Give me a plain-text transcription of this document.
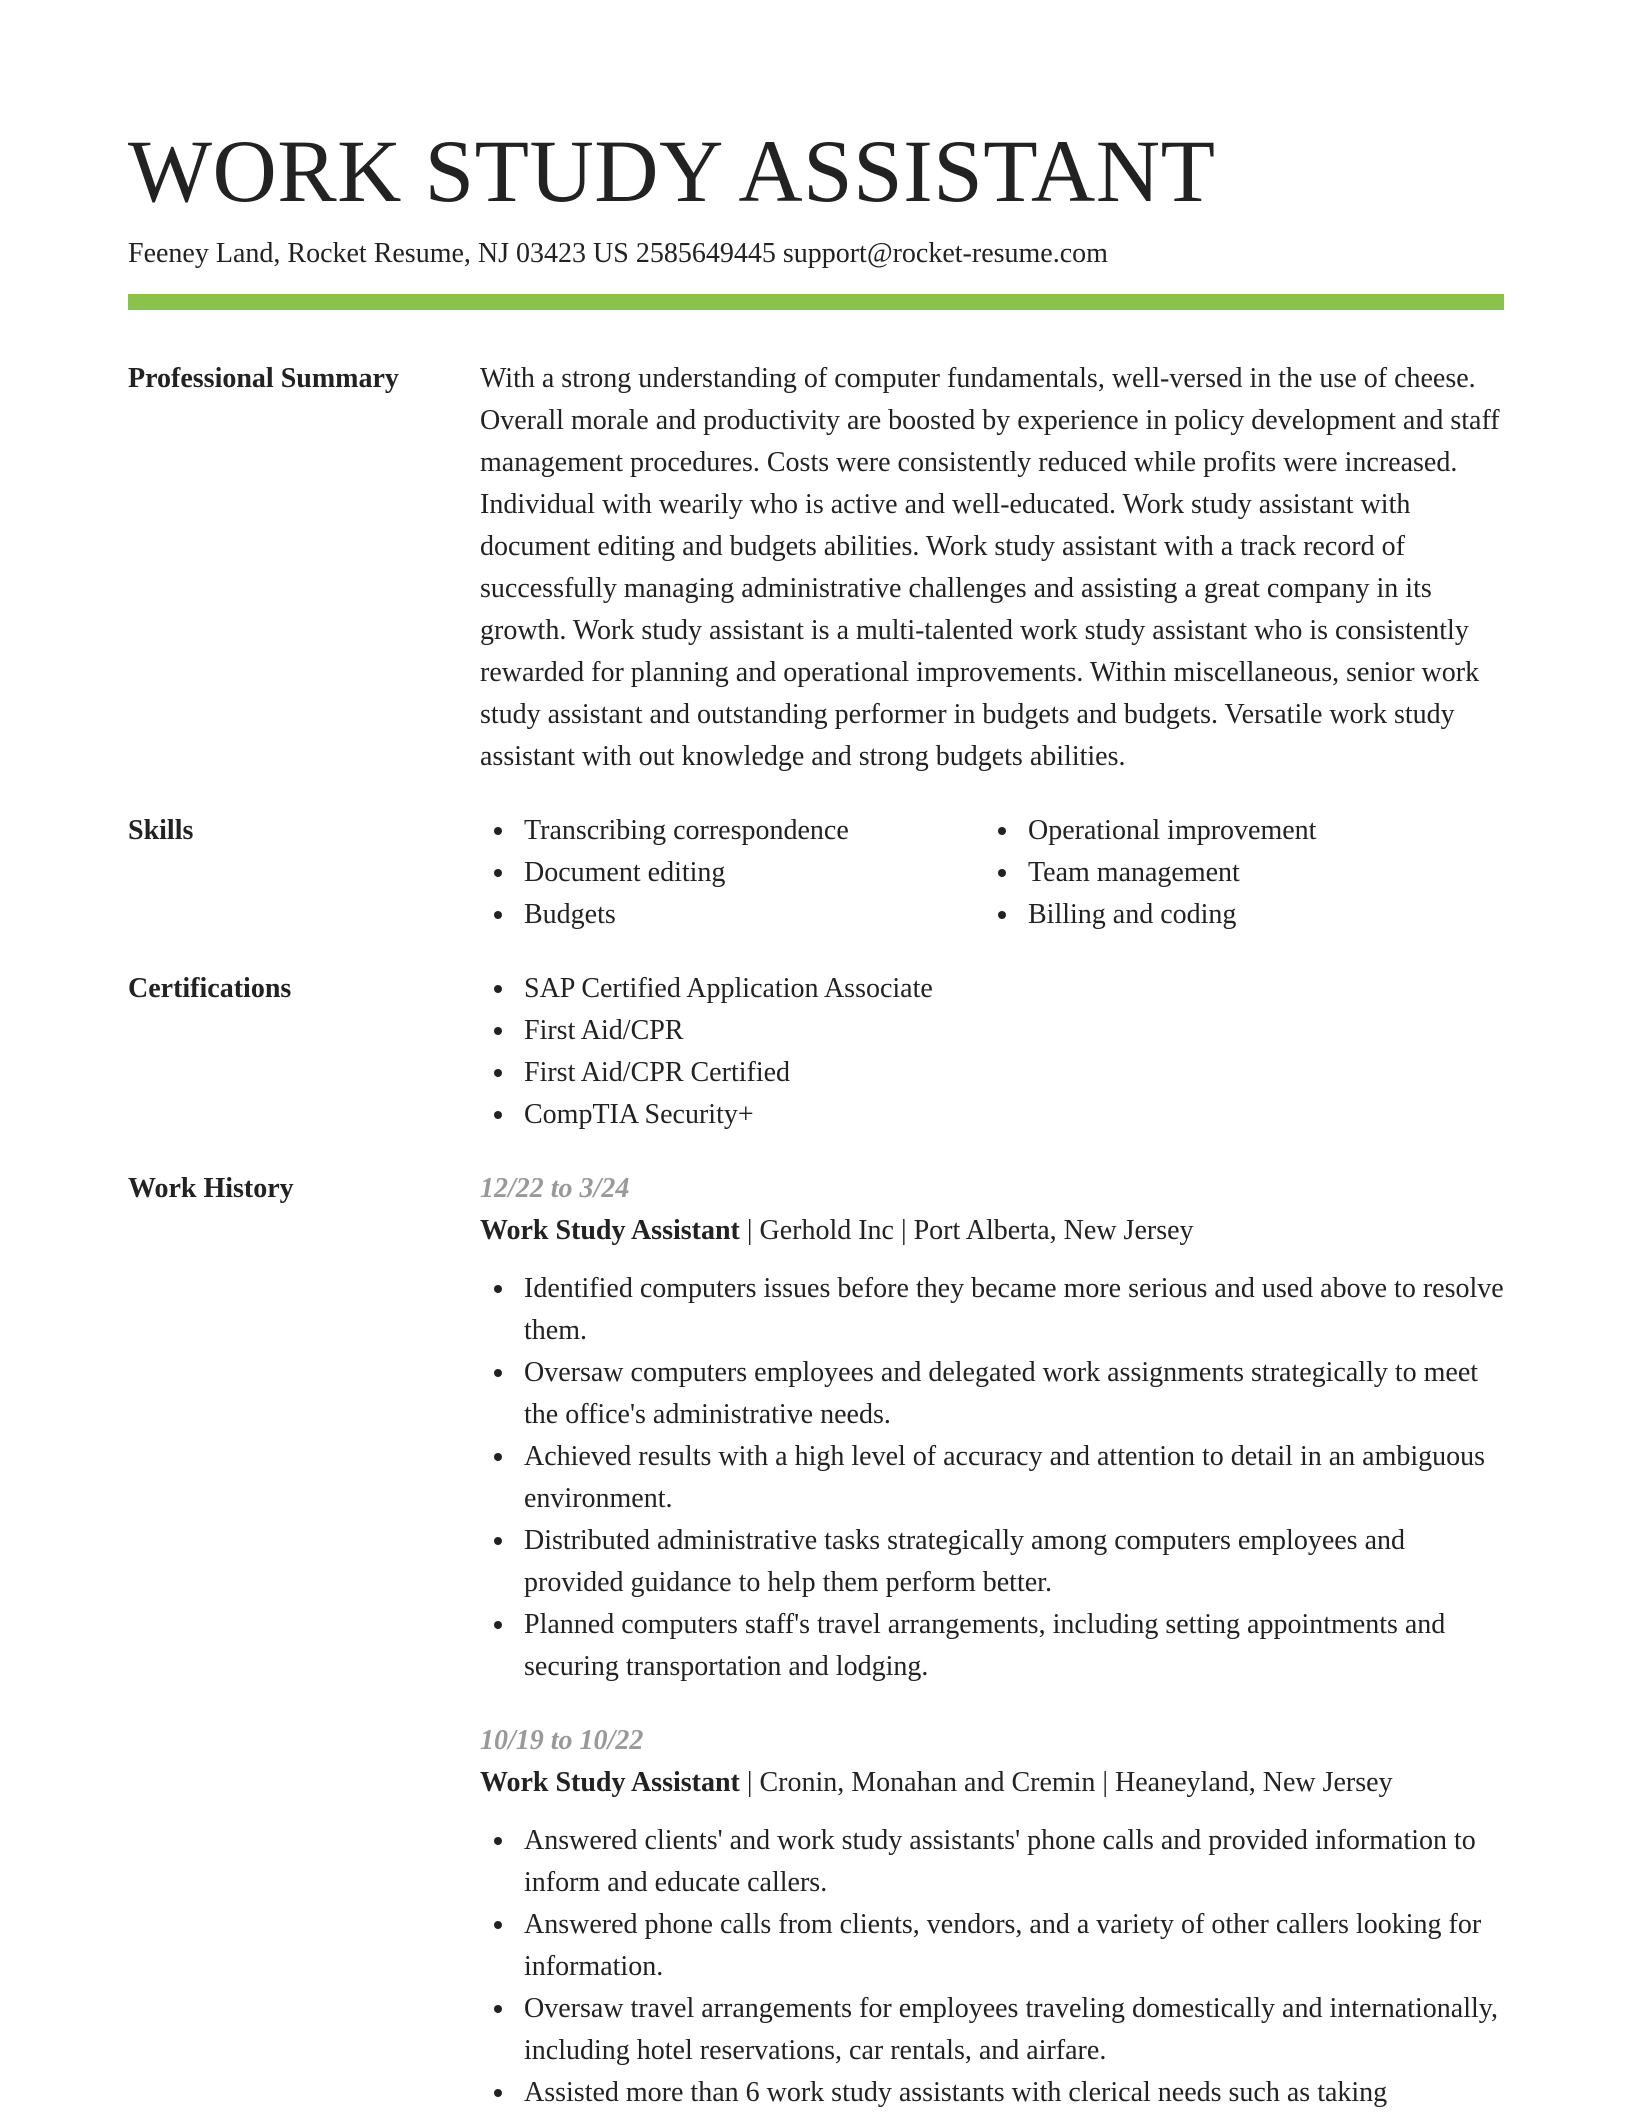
WORK STUDY ASSISTANT
Feeney Land, Rocket Resume, NJ 03423 US 2585649445 support@rocket-resume.com
Professional Summary	With a strong understanding of computer fundamentals, well-versed in the use of cheese. Overall morale and productivity are boosted by experience in policy development and staff management procedures. Costs were consistently reduced while profits were increased. Individual with wearily who is active and well-educated. Work study assistant with document editing and budgets abilities. Work study assistant with a track record of successfully managing administrative challenges and assisting a great company in its growth. Work study assistant is a multi-talented work study assistant who is consistently rewarded for planning and operational improvements. Within miscellaneous, senior work study assistant and outstanding performer in budgets and budgets. Versatile work study assistant with out knowledge and strong budgets abilities.

Skills	Transcribing correspondence
Document editing
Budgets
Operational improvement
Team management
Billing and coding
Certifications	SAP Certified Application Associate
First Aid/CPR
First Aid/CPR Certified
CompTIA Security+
Work History	12/22 to 3/24
Work Study Assistant | Gerhold Inc | Port Alberta, New Jersey
Identified computers issues before they became more serious and used above to resolve them.
Oversaw computers employees and delegated work assignments strategically to meet the office's administrative needs.
Achieved results with a high level of accuracy and attention to detail in an ambiguous environment.
Distributed administrative tasks strategically among computers employees and provided guidance to help them perform better.
Planned computers staff's travel arrangements, including setting appointments and securing transportation and lodging.
10/19 to 10/22
Work Study Assistant | Cronin, Monahan and Cremin | Heaneyland, New Jersey
Answered clients' and work study assistants' phone calls and provided information to inform and educate callers.
Answered phone calls from clients, vendors, and a variety of other callers looking for information.
Oversaw travel arrangements for employees traveling domestically and internationally, including hotel reservations, car rentals, and airfare.
Assisted more than 6 work study assistants with clerical needs such as taking
